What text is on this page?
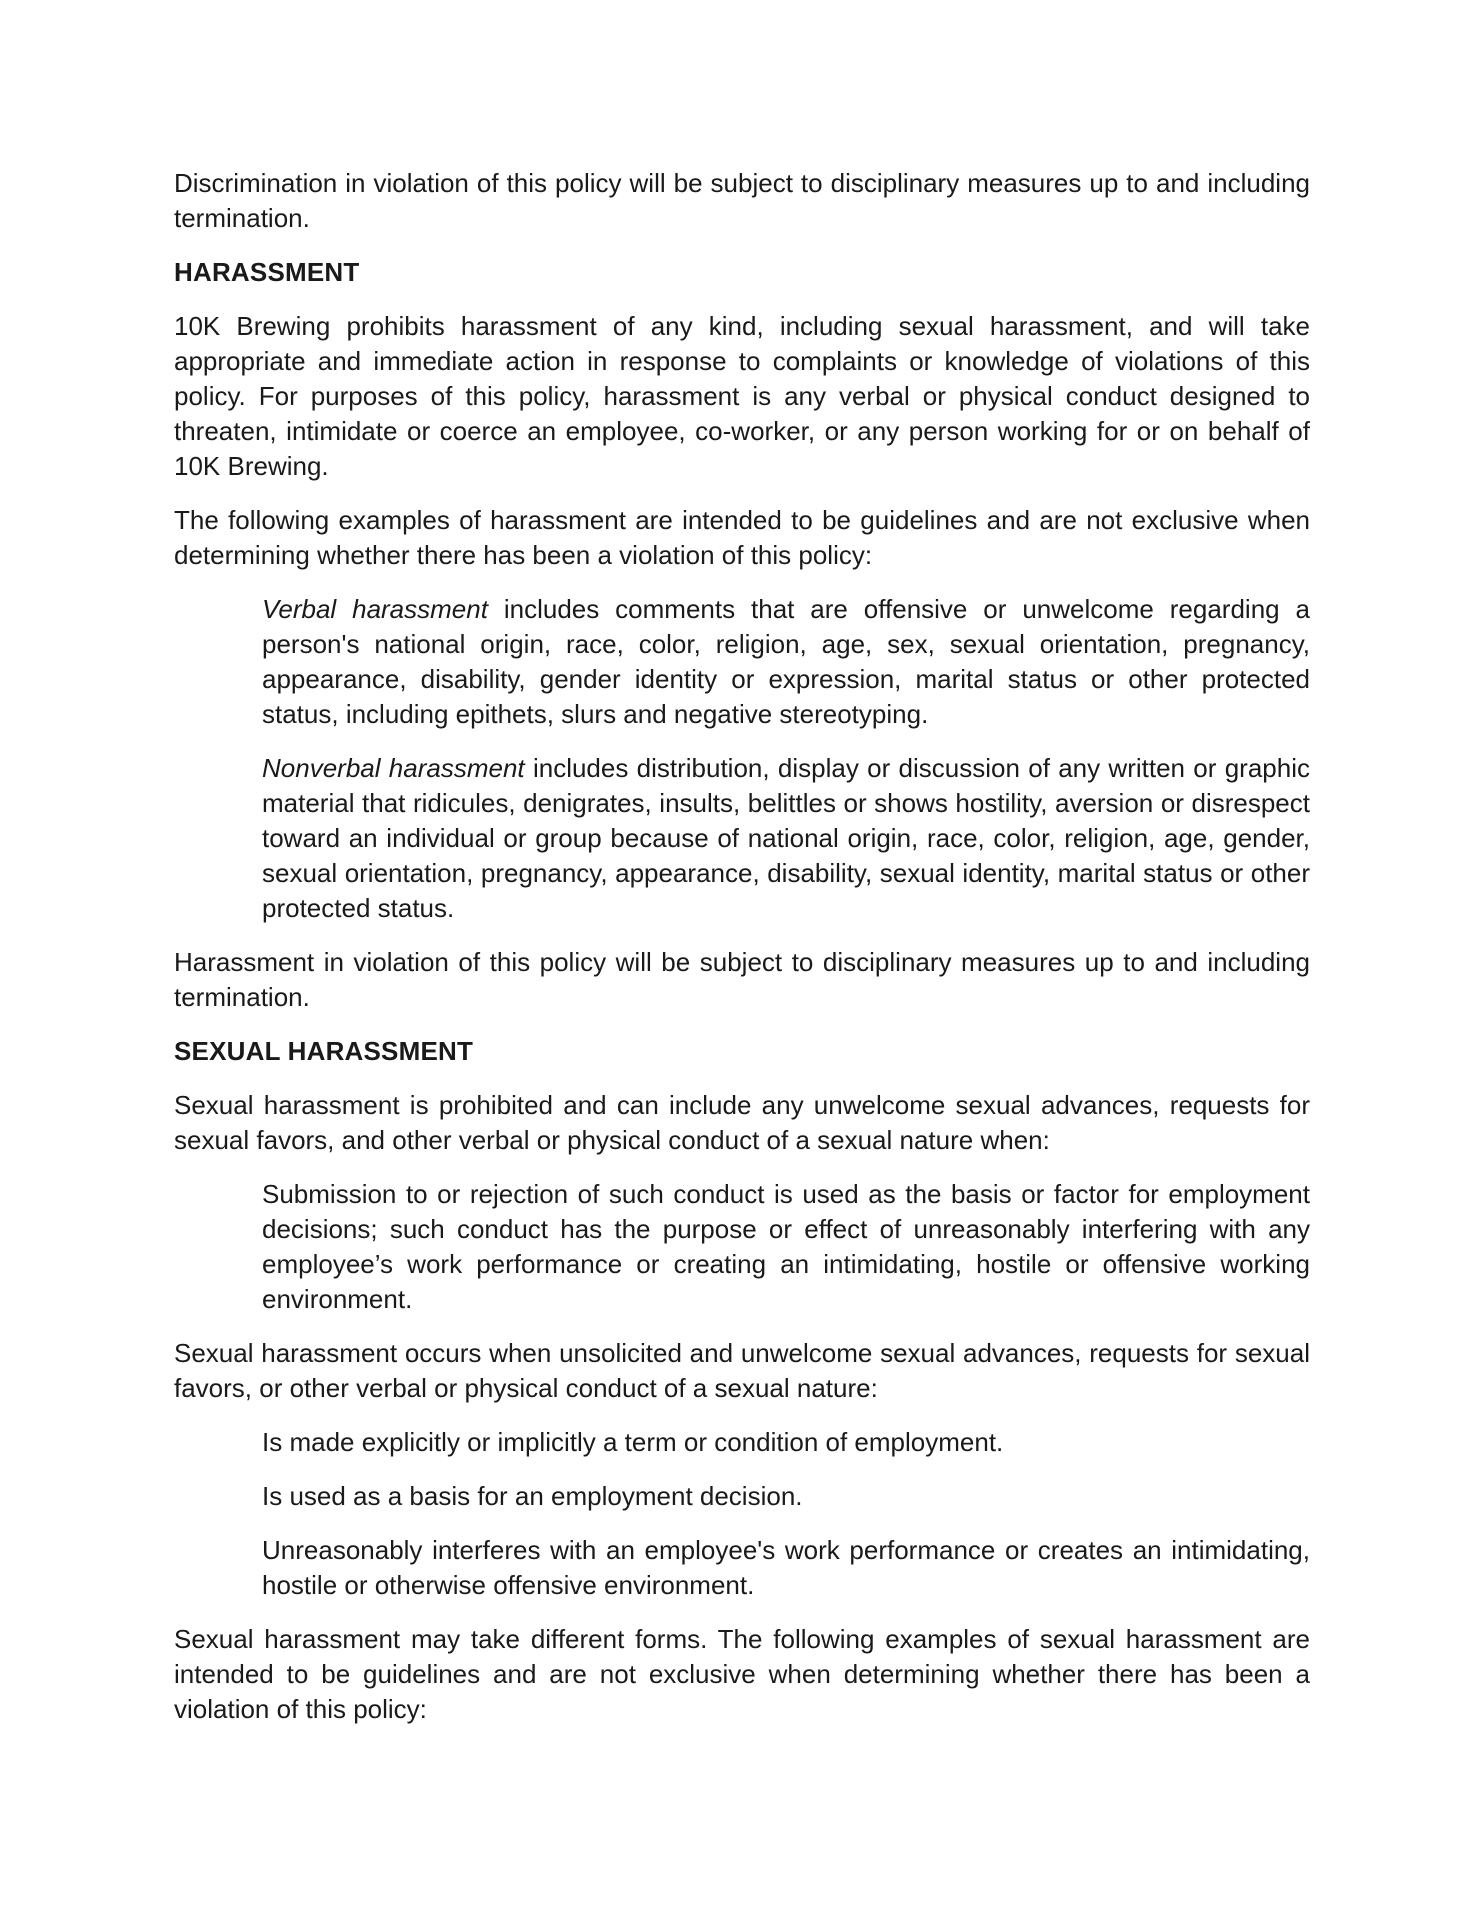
Discrimination in violation of this policy will be subject to disciplinary measures up to and including termination.

HARASSMENT

10K Brewing prohibits harassment of any kind, including sexual harassment, and will take appropriate and immediate action in response to complaints or knowledge of violations of this policy. For purposes of this policy, harassment is any verbal or physical conduct designed to threaten, intimidate or coerce an employee, co-worker, or any person working for or on behalf of 10K Brewing.

The following examples of harassment are intended to be guidelines and are not exclusive when determining whether there has been a violation of this policy:

Verbal harassment includes comments that are offensive or unwelcome regarding a person's national origin, race, color, religion, age, sex, sexual orientation, pregnancy, appearance, disability, gender identity or expression, marital status or other protected status, including epithets, slurs and negative stereotyping.

Nonverbal harassment includes distribution, display or discussion of any written or graphic material that ridicules, denigrates, insults, belittles or shows hostility, aversion or disrespect toward an individual or group because of national origin, race, color, religion, age, gender, sexual orientation, pregnancy, appearance, disability, sexual identity, marital status or other protected status.

Harassment in violation of this policy will be subject to disciplinary measures up to and including termination.

SEXUAL HARASSMENT

Sexual harassment is prohibited and can include any unwelcome sexual advances, requests for sexual favors, and other verbal or physical conduct of a sexual nature when:

Submission to or rejection of such conduct is used as the basis or factor for employment decisions; such conduct has the purpose or effect of unreasonably interfering with any employee’s work performance or creating an intimidating, hostile or offensive working environment.

Sexual harassment occurs when unsolicited and unwelcome sexual advances, requests for sexual favors, or other verbal or physical conduct of a sexual nature:

Is made explicitly or implicitly a term or condition of employment.

Is used as a basis for an employment decision.

Unreasonably interferes with an employee's work performance or creates an intimidating, hostile or otherwise offensive environment.

Sexual harassment may take different forms. The following examples of sexual harassment are intended to be guidelines and are not exclusive when determining whether there has been a violation of this policy:
